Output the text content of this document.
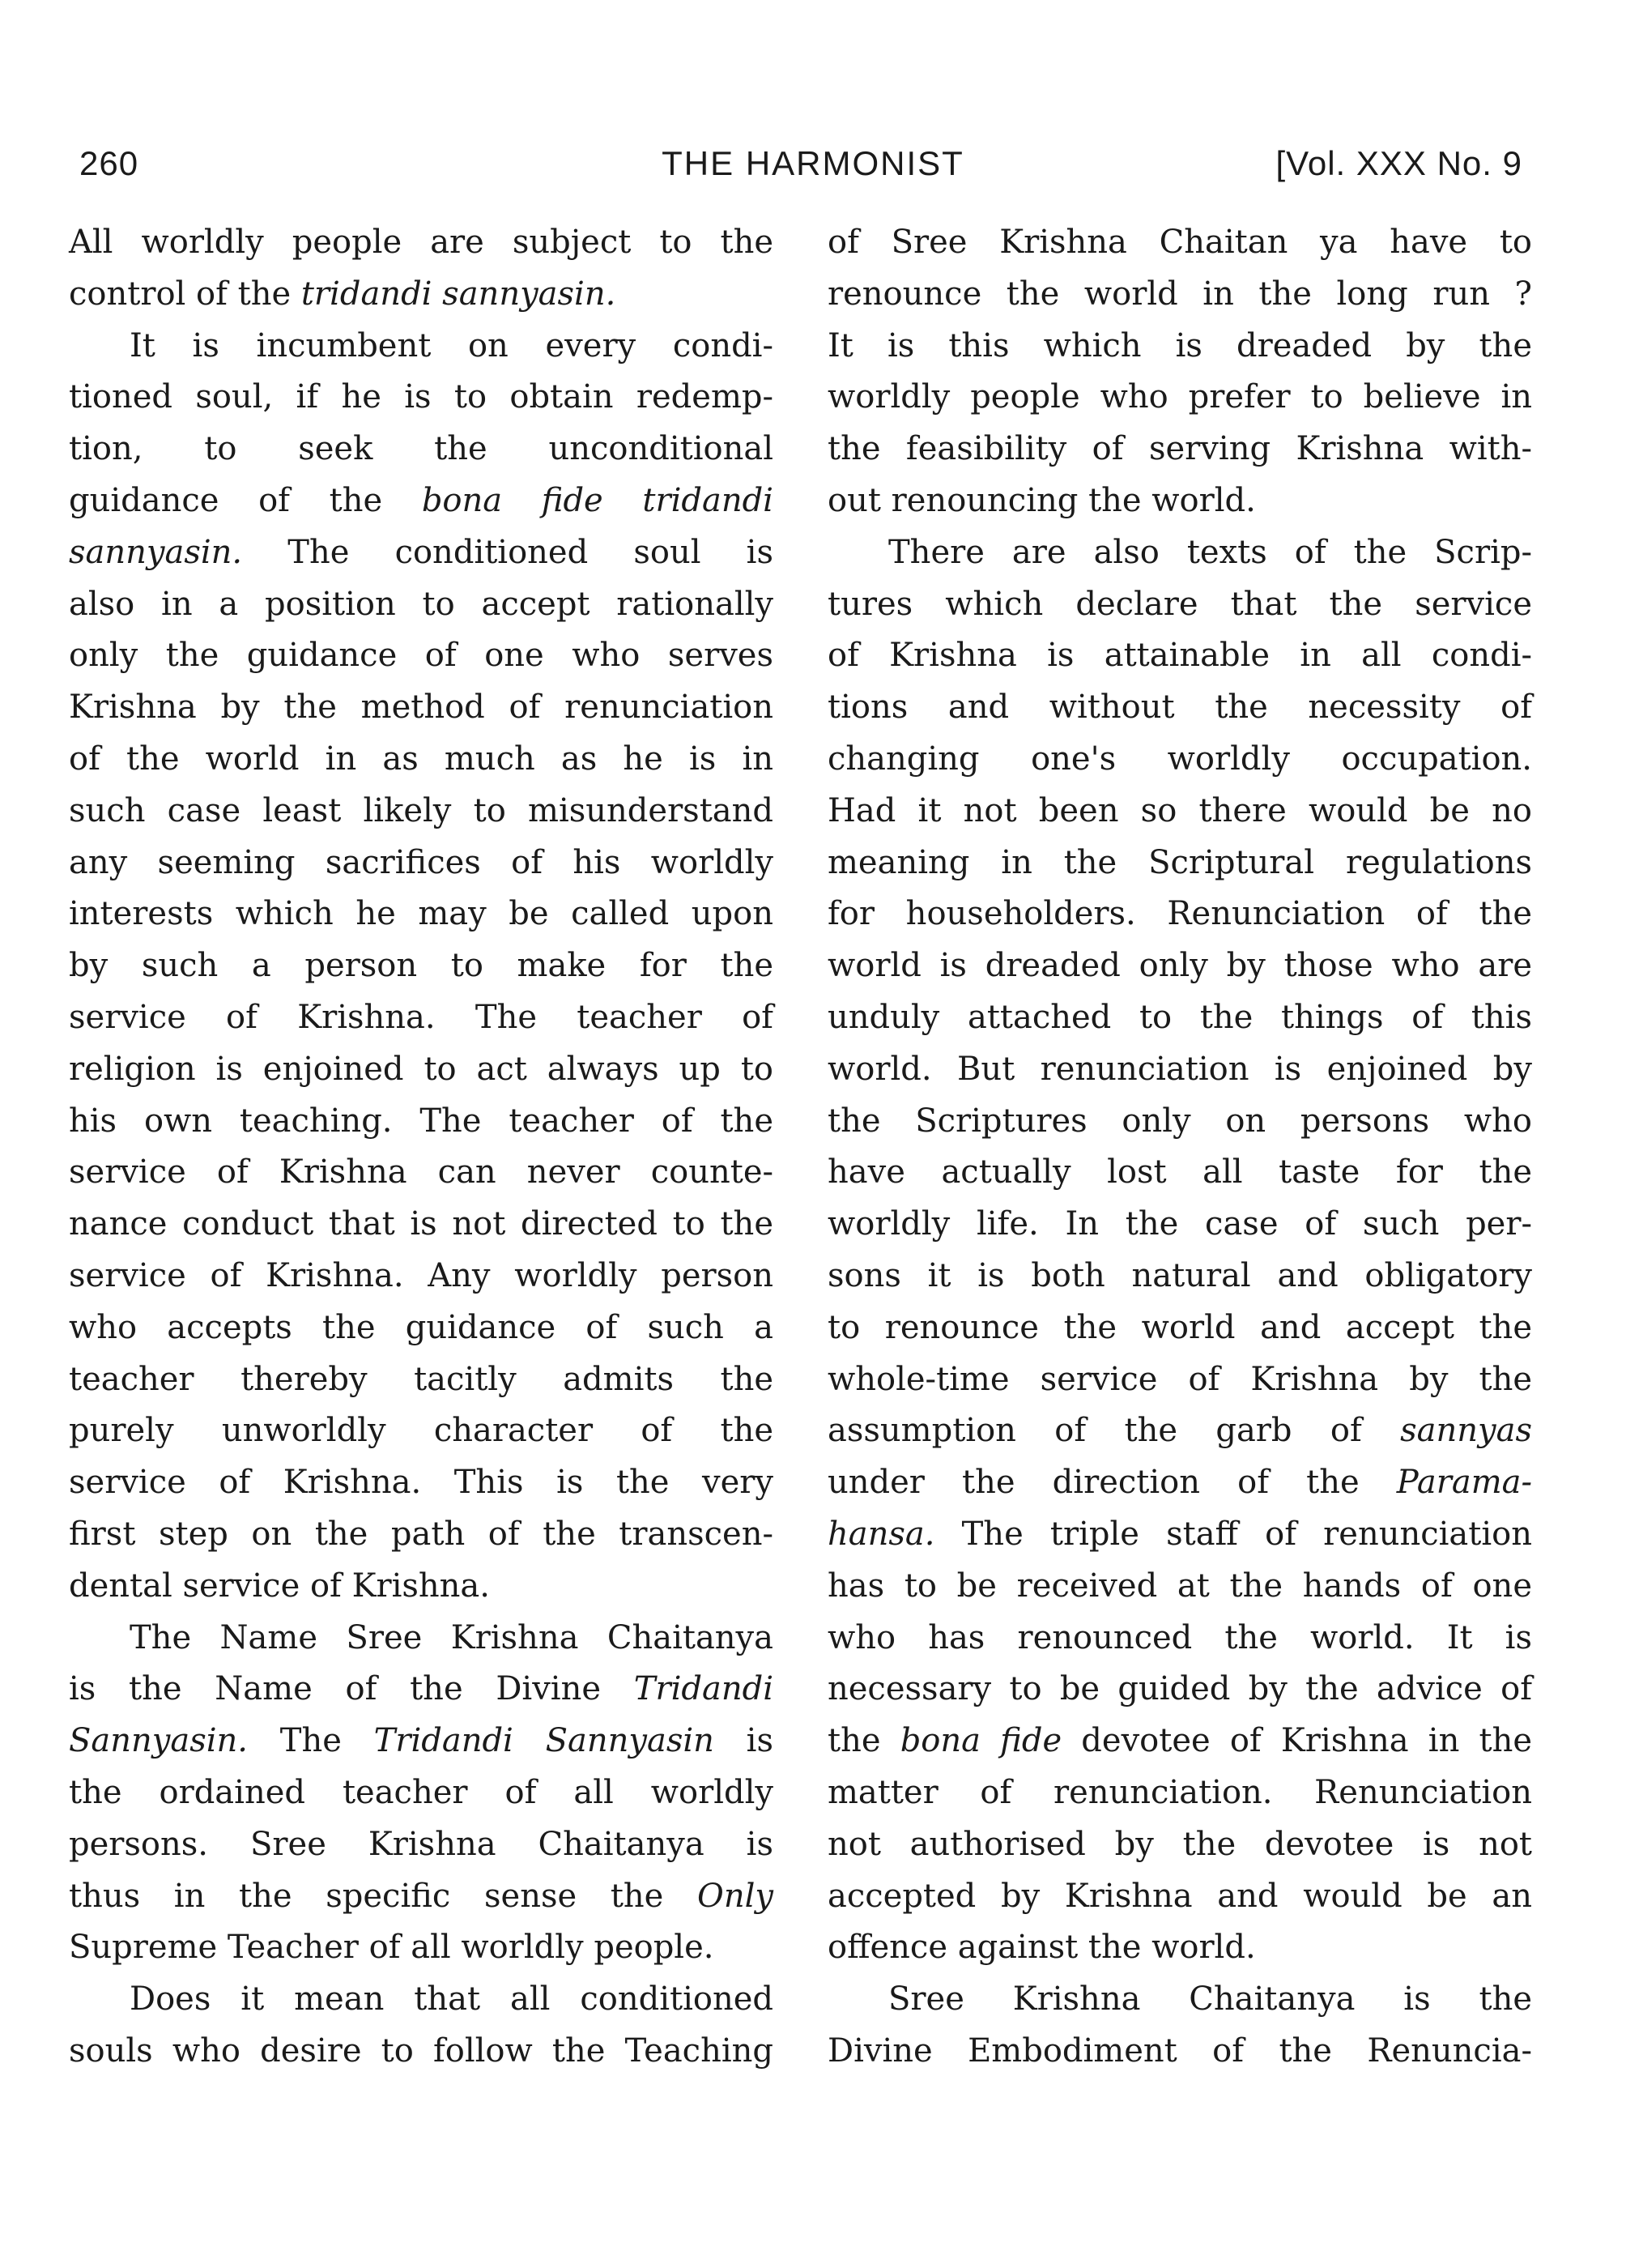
260	THE HARMONIST	[Vol. XXX No. 9

All worldly people are subject to the

control of the tridandi sannyasin.

It is incumbent on every condi-

tioned soul, if he is to obtain redemp-

tion, to seek the unconditional

guidance of the bona fide tridandi

sannyasin. The conditioned soul is

also in a position to accept rationally

only the guidance of one who serves

Krishna by the method of renunciation

of the world in as much as he is in

such case least likely to misunderstand

any seeming sacrifices of his worldly

interests which he may be called upon

by such a person to make for the

service of Krishna. The teacher of

religion is enjoined to act always up to

his own teaching. The teacher of the

service of Krishna can never counte-

nance conduct that is not directed to the

service of Krishna. Any worldly person

who accepts the guidance of such a

teacher thereby tacitly admits the

purely unworldly character of the

service of Krishna. This is the very

first step on the path of the transcen-

dental service of Krishna.

The Name Sree Krishna Chaitanya

is the Name of the Divine Tridandi

Sannyasin. The Tridandi Sannyasin is

the ordained teacher of all worldly

persons. Sree Krishna Chaitanya is

thus in the specific sense the Only

Supreme Teacher of all worldly people.

Does it mean that all conditioned

souls who desire to follow the Teaching

of Sree Krishna Chaitan ya have to

renounce the world in the long run ?

It is this which is dreaded by the

worldly people who prefer to believe in

the feasibility of serving Krishna with-

out renouncing the world.

There are also texts of the Scrip-

tures which declare that the service

of Krishna is attainable in all condi-

tions and without the necessity of

changing one's worldly occupation.

Had it not been so there would be no

meaning in the Scriptural regulations

for householders. Renunciation of the

world is dreaded only by those who are

unduly attached to the things of this

world. But renunciation is enjoined by

the Scriptures only on persons who

have actually lost all taste for the

worldly life. In the case of such per-

sons it is both natural and obligatory

to renounce the world and accept the

whole-time service of Krishna by the

assumption of the garb of sannyas

under the direction of the Parama-

hansa. The triple staff of renunciation

has to be received at the hands of one

who has renounced the world. It is

necessary to be guided by the advice of

the bona fide devotee of Krishna in the

matter of renunciation. Renunciation

not authorised by the devotee is not

accepted by Krishna and would be an

offence against the world.

Sree Krishna Chaitanya is the

Divine Embodiment of the Renuncia-
